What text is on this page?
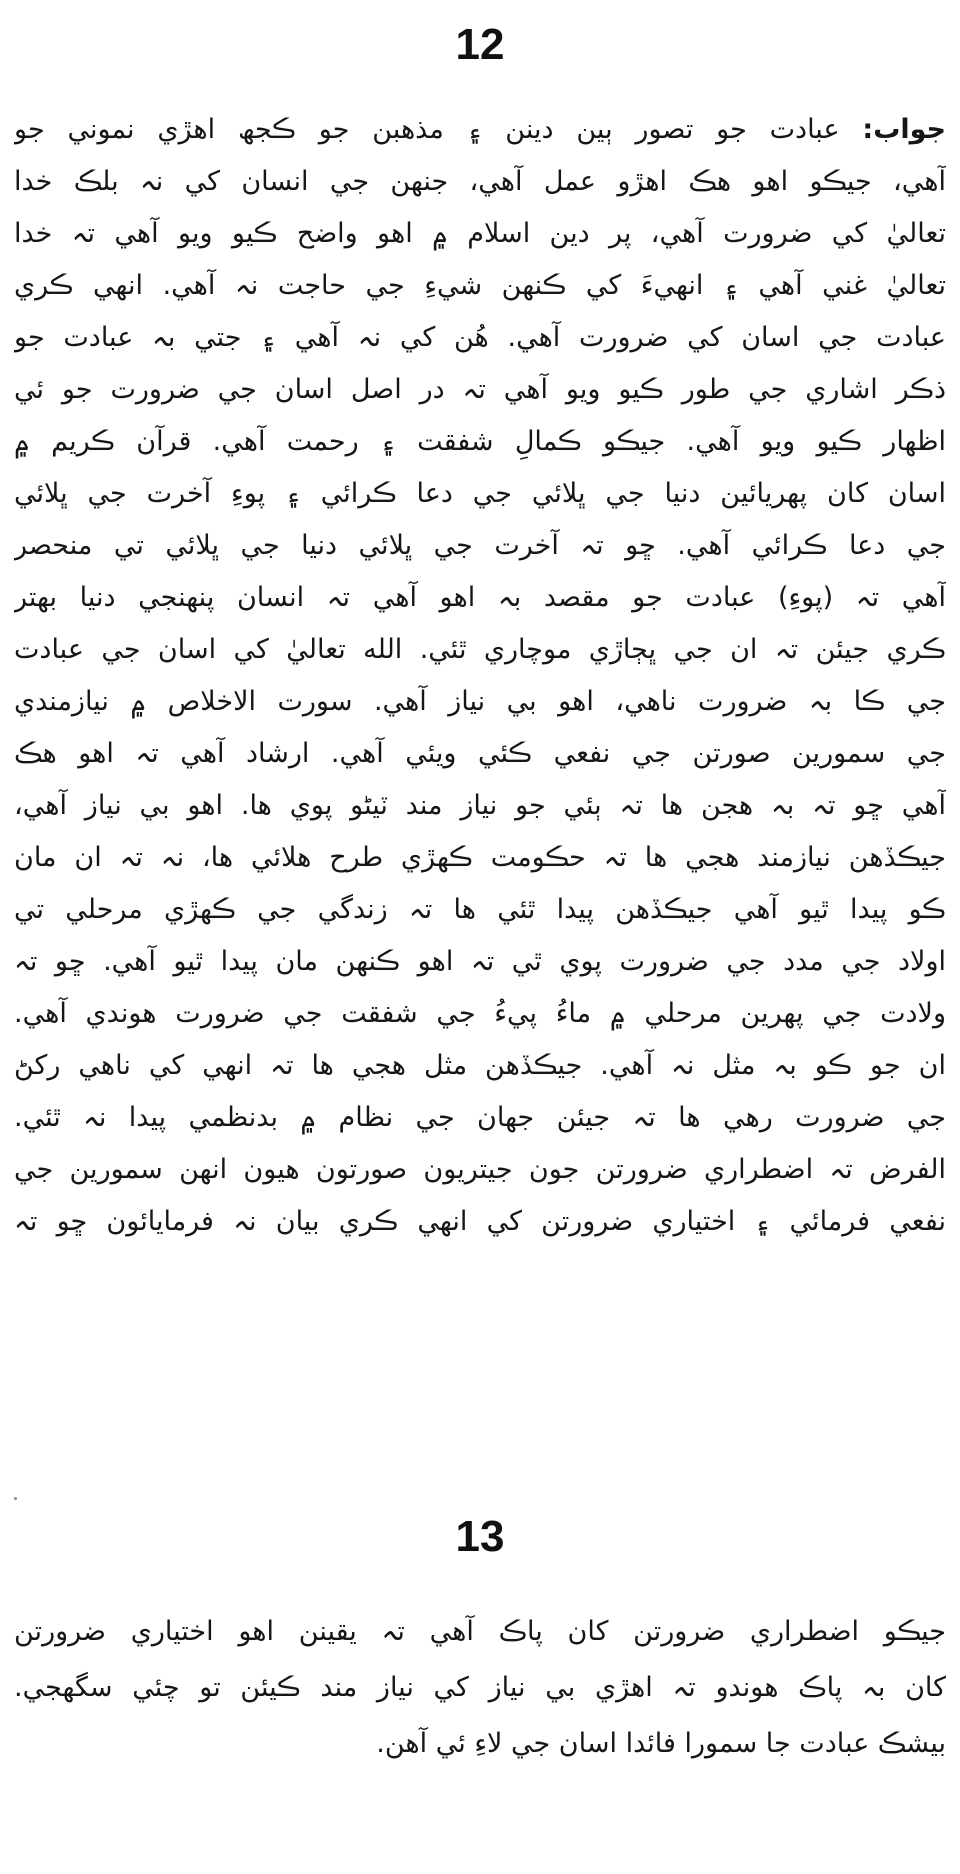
12
جواب: عبادت جو تصور ٻين دينن ۽ مذهبن جو ڪجھ اهڙي نموني جو
آهي، جيڪو اهو هڪ اهڙو عمل آهي، جنهن جي انسان کي نہ بلڪ خدا
تعاليٰ کي ضرورت آهي، پر دين اسلام ۾ اهو واضح ڪيو ويو آهي تہ خدا
تعاليٰ غني آهي ۽ انهيءَ کي ڪنهن شيءِ جي حاجت نہ آهي. انهي ڪري
عبادت جي اسان کي ضرورت آهي. هُن کي نہ آهي ۽ جتي بہ عبادت جو
ذڪر اشاري جي طور ڪيو ويو آهي تہ در اصل اسان جي ضرورت جو ئي
اظهار ڪيو ويو آهي. جيڪو ڪمالِ شفقت ۽ رحمت آهي. قرآن ڪريم ۾
اسان کان پهريائين دنيا جي ڀلائي جي دعا ڪرائي ۽ پوءِ آخرت جي ڀلائي
جي دعا ڪرائي آهي. ڇو تہ آخرت جي ڀلائي دنيا جي ڀلائي تي منحصر
آهي تہ (پوءِ) عبادت جو مقصد بہ اهو آهي تہ انسان پنهنجي دنيا بهتر
ڪري جيئن تہ ان جي ڀڄاڙي موچاري ٿئي. الله تعاليٰ کي اسان جي عبادت
جي ڪا بہ ضرورت ناهي، اهو بي نياز آهي. سورت الاخلاص ۾ نيازمندي
جي سمورين صورتن جي نفعي ڪئي ويئي آهي. ارشاد آهي تہ اهو هڪ
آهي ڇو تہ بہ هجن ها تہ ٻئي جو نياز مند ٽيڻو پوي ها. اهو بي نياز آهي،
جيڪڏهن نيازمند هجي ها تہ حڪومت ڪهڙي طرح هلائي ها، نہ تہ ان مان
ڪو پيدا ٿيو آهي جيڪڏهن پيدا ٿئي ها تہ زندگي جي ڪهڙي مرحلي تي
اولاد جي مدد جي ضرورت پوي ٿي تہ اهو ڪنهن مان پيدا ٿيو آهي. ڇو تہ
ولادت جي پهرين مرحلي ۾ ماءُ پيءُ جي شفقت جي ضرورت هوندي آهي.
ان جو ڪو بہ مثل نہ آهي. جيڪڏهن مثل هجي ها تہ انهي کي ناهي رکڻ
جي ضرورت رهي ها تہ جيئن جهان جي نظام ۾ بدنظمي پيدا نہ ٿئي.
الفرض تہ اضطراري ضرورتن جون جيتريون صورتون هيون انهن سمورين جي
نفعي فرمائي ۽ اختياري ضرورتن کي انهي ڪري بيان نہ فرمايائون ڇو تہ
13
جيڪو اضطراري ضرورتن کان پاڪ آهي تہ يقينن اهو اختياري ضرورتن
کان بہ پاڪ هوندو تہ اهڙي بي نياز کي نياز مند ڪيئن تو چئي سگھجي.
بيشڪ عبادت جا سمورا فائدا اسان جي لاءِ ئي آهن.
